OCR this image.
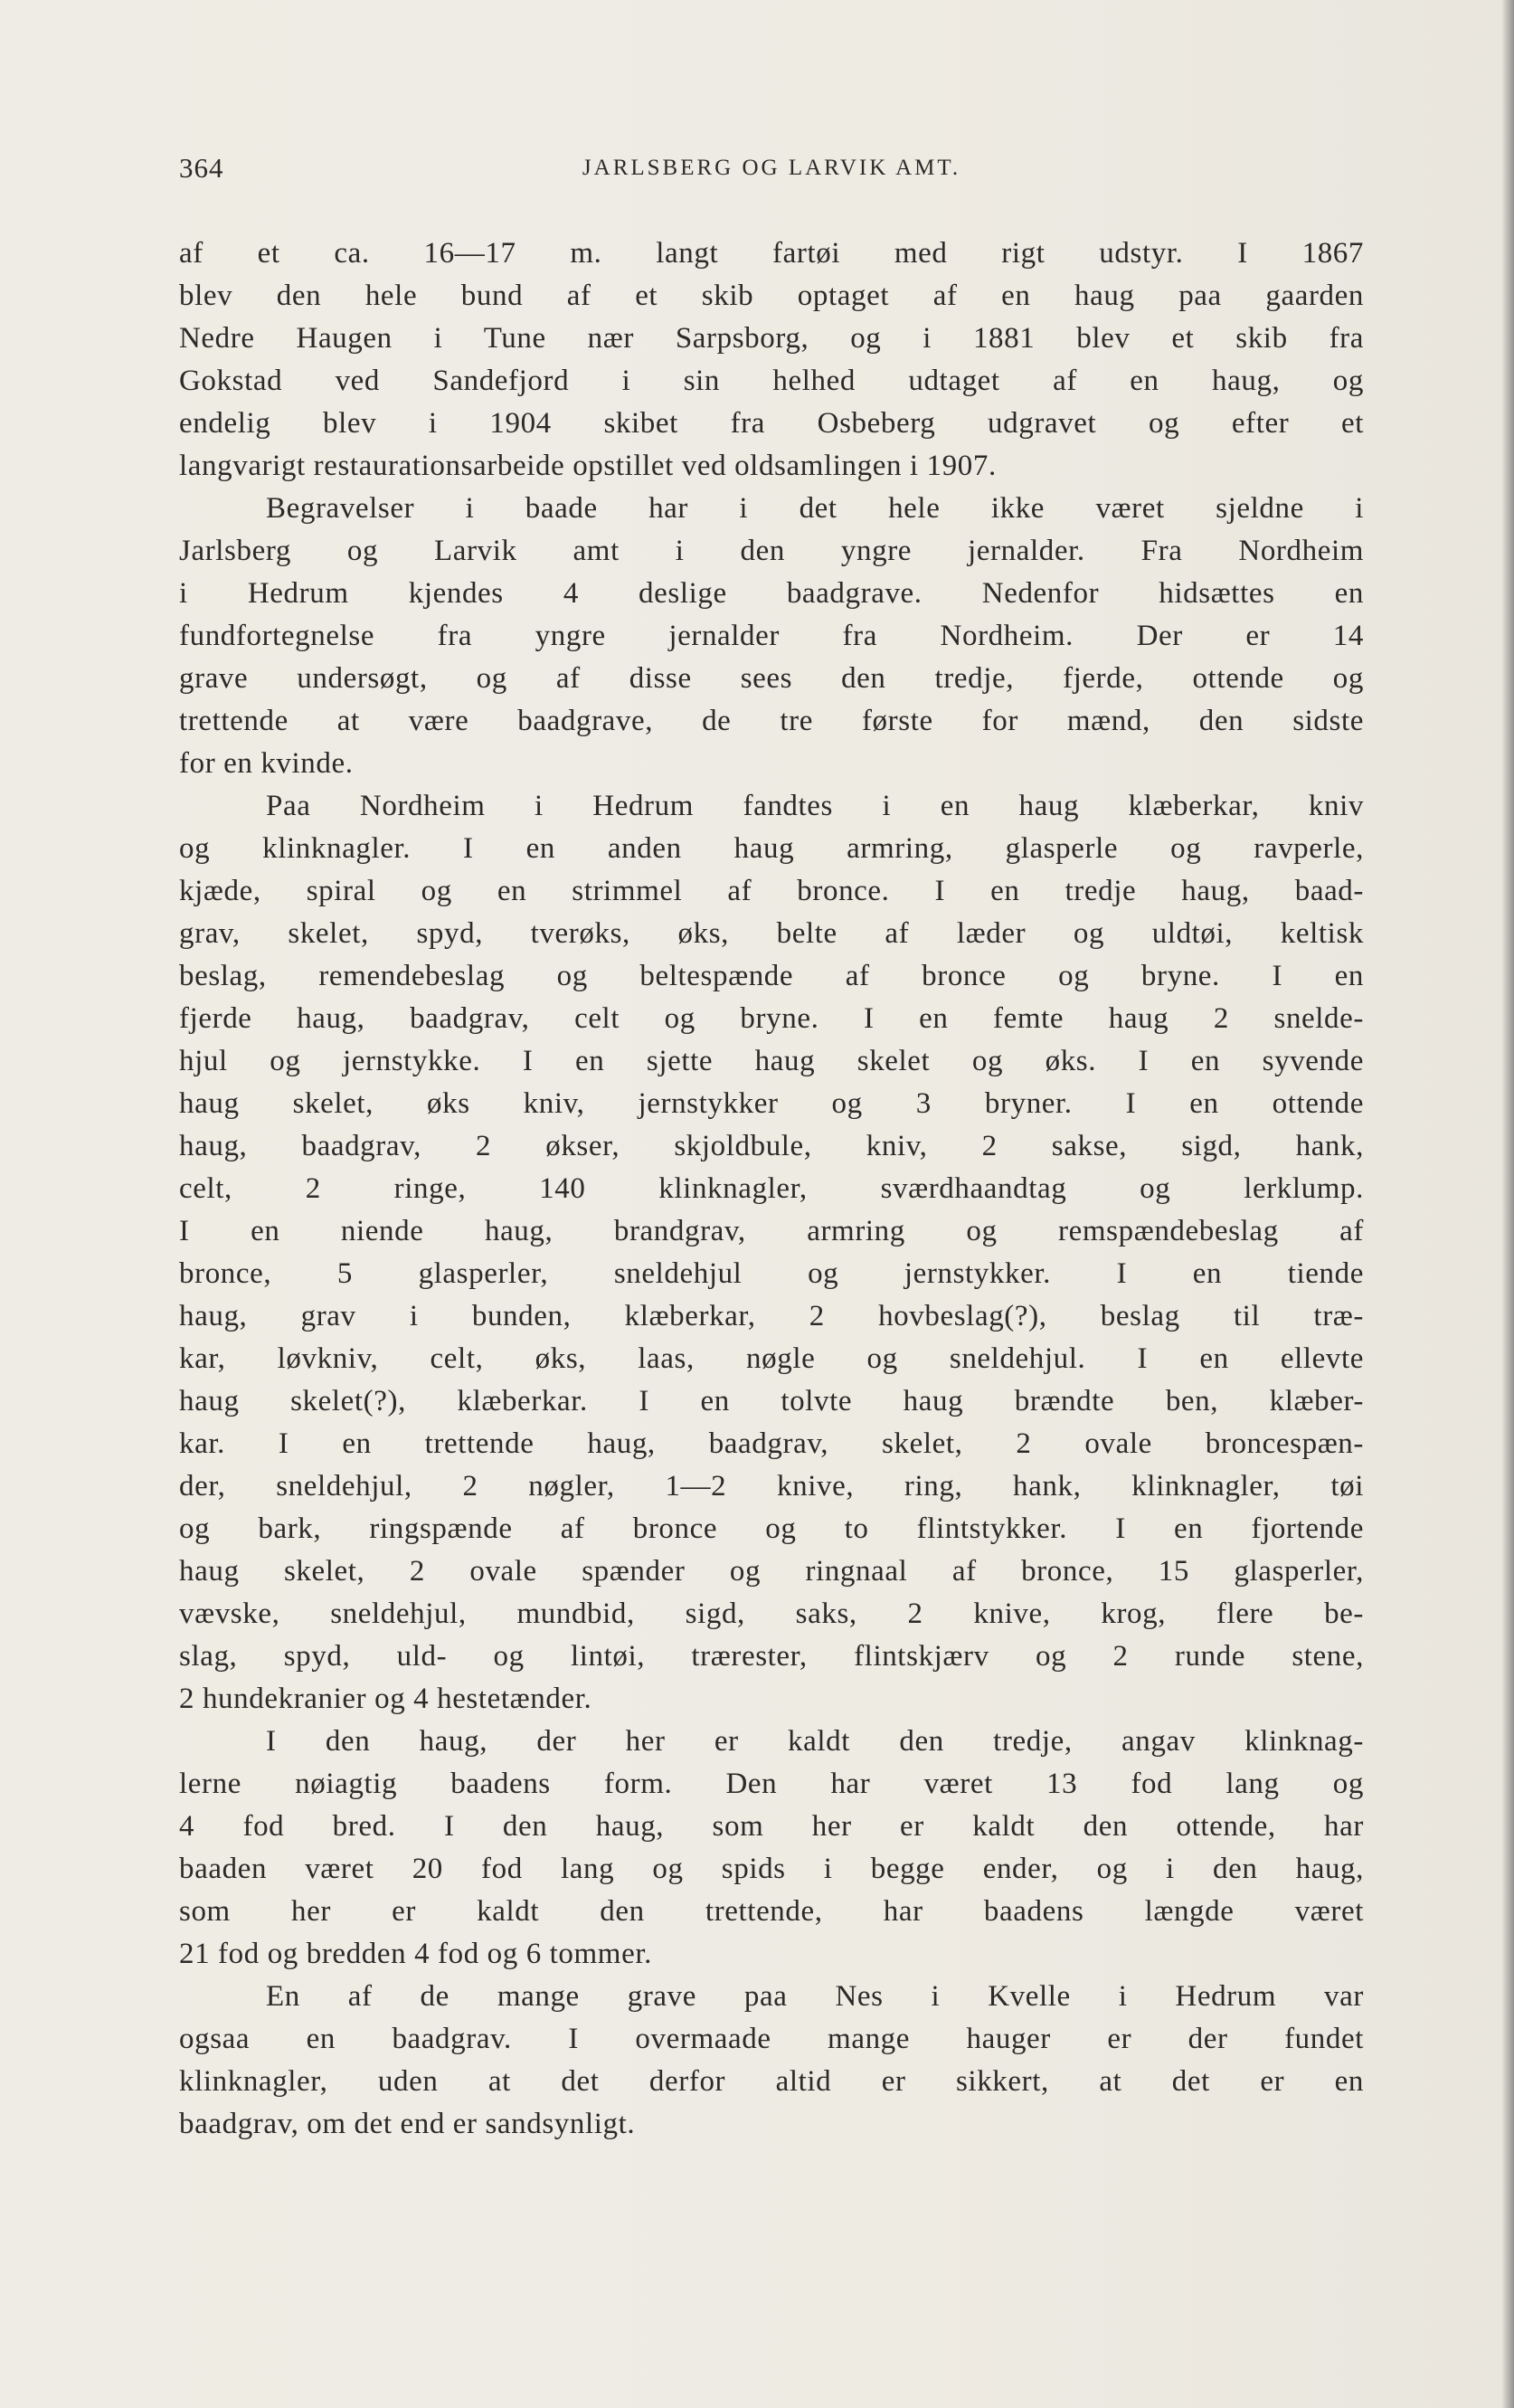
364	JARLSBERG OG LARVIK AMT.
af et ca. 16—17 m. langt fartøi med rigt udstyr. I 1867
blev den hele bund af et skib optaget af en haug paa gaarden
Nedre Haugen i Tune nær Sarpsborg, og i 1881 blev et skib fra
Gokstad ved Sandefjord i sin helhed udtaget af en haug, og
endelig blev i 1904 skibet fra Osbeberg udgravet og efter et
langvarigt restaurationsarbeide opstillet ved oldsamlingen i 1907.
Begravelser i baade har i det hele ikke været sjeldne i
Jarlsberg og Larvik amt i den yngre jernalder. Fra Nordheim
i Hedrum kjendes 4 deslige baadgrave. Nedenfor hidsættes en
fundfortegnelse fra yngre jernalder fra Nordheim. Der er 14
grave undersøgt, og af disse sees den tredje, fjerde, ottende og
trettende at være baadgrave, de tre første for mænd, den sidste
for en kvinde.
Paa Nordheim i Hedrum fandtes i en haug klæberkar, kniv
og klinknagler. I en anden haug armring, glasperle og ravperle,
kjæde, spiral og en strimmel af bronce. I en tredje haug, baad-
grav, skelet, spyd, tverøks, øks, belte af læder og uldtøi, keltisk
beslag, remendebeslag og beltespænde af bronce og bryne. I en
fjerde haug, baadgrav, celt og bryne. I en femte haug 2 snelde-
hjul og jernstykke. I en sjette haug skelet og øks. I en syvende
haug skelet, øks kniv, jernstykker og 3 bryner. I en ottende
haug, baadgrav, 2 økser, skjoldbule, kniv, 2 sakse, sigd, hank,
celt, 2 ringe, 140 klinknagler, sværdhaandtag og lerklump.
I en niende haug, brandgrav, armring og remspændebeslag af
bronce, 5 glasperler, sneldehjul og jernstykker. I en tiende
haug, grav i bunden, klæberkar, 2 hovbeslag(?), beslag til træ-
kar, løvkniv, celt, øks, laas, nøgle og sneldehjul. I en ellevte
haug skelet(?), klæberkar. I en tolvte haug brændte ben, klæber-
kar. I en trettende haug, baadgrav, skelet, 2 ovale broncespæn-
der, sneldehjul, 2 nøgler, 1—2 knive, ring, hank, klinknagler, tøi
og bark, ringspænde af bronce og to flintstykker. I en fjortende
haug skelet, 2 ovale spænder og ringnaal af bronce, 15 glasperler,
vævske, sneldehjul, mundbid, sigd, saks, 2 knive, krog, flere be-
slag, spyd, uld- og lintøi, trærester, flintskjærv og 2 runde stene,
2 hundekranier og 4 hestetænder.
I den haug, der her er kaldt den tredje, angav klinknag-
lerne nøiagtig baadens form. Den har været 13 fod lang og
4 fod bred. I den haug, som her er kaldt den ottende, har
baaden været 20 fod lang og spids i begge ender, og i den haug,
som her er kaldt den trettende, har baadens længde været
21 fod og bredden 4 fod og 6 tommer.
En af de mange grave paa Nes i Kvelle i Hedrum var
ogsaa en baadgrav. I overmaade mange hauger er der fundet
klinknagler, uden at det derfor altid er sikkert, at det er en
baadgrav, om det end er sandsynligt.
